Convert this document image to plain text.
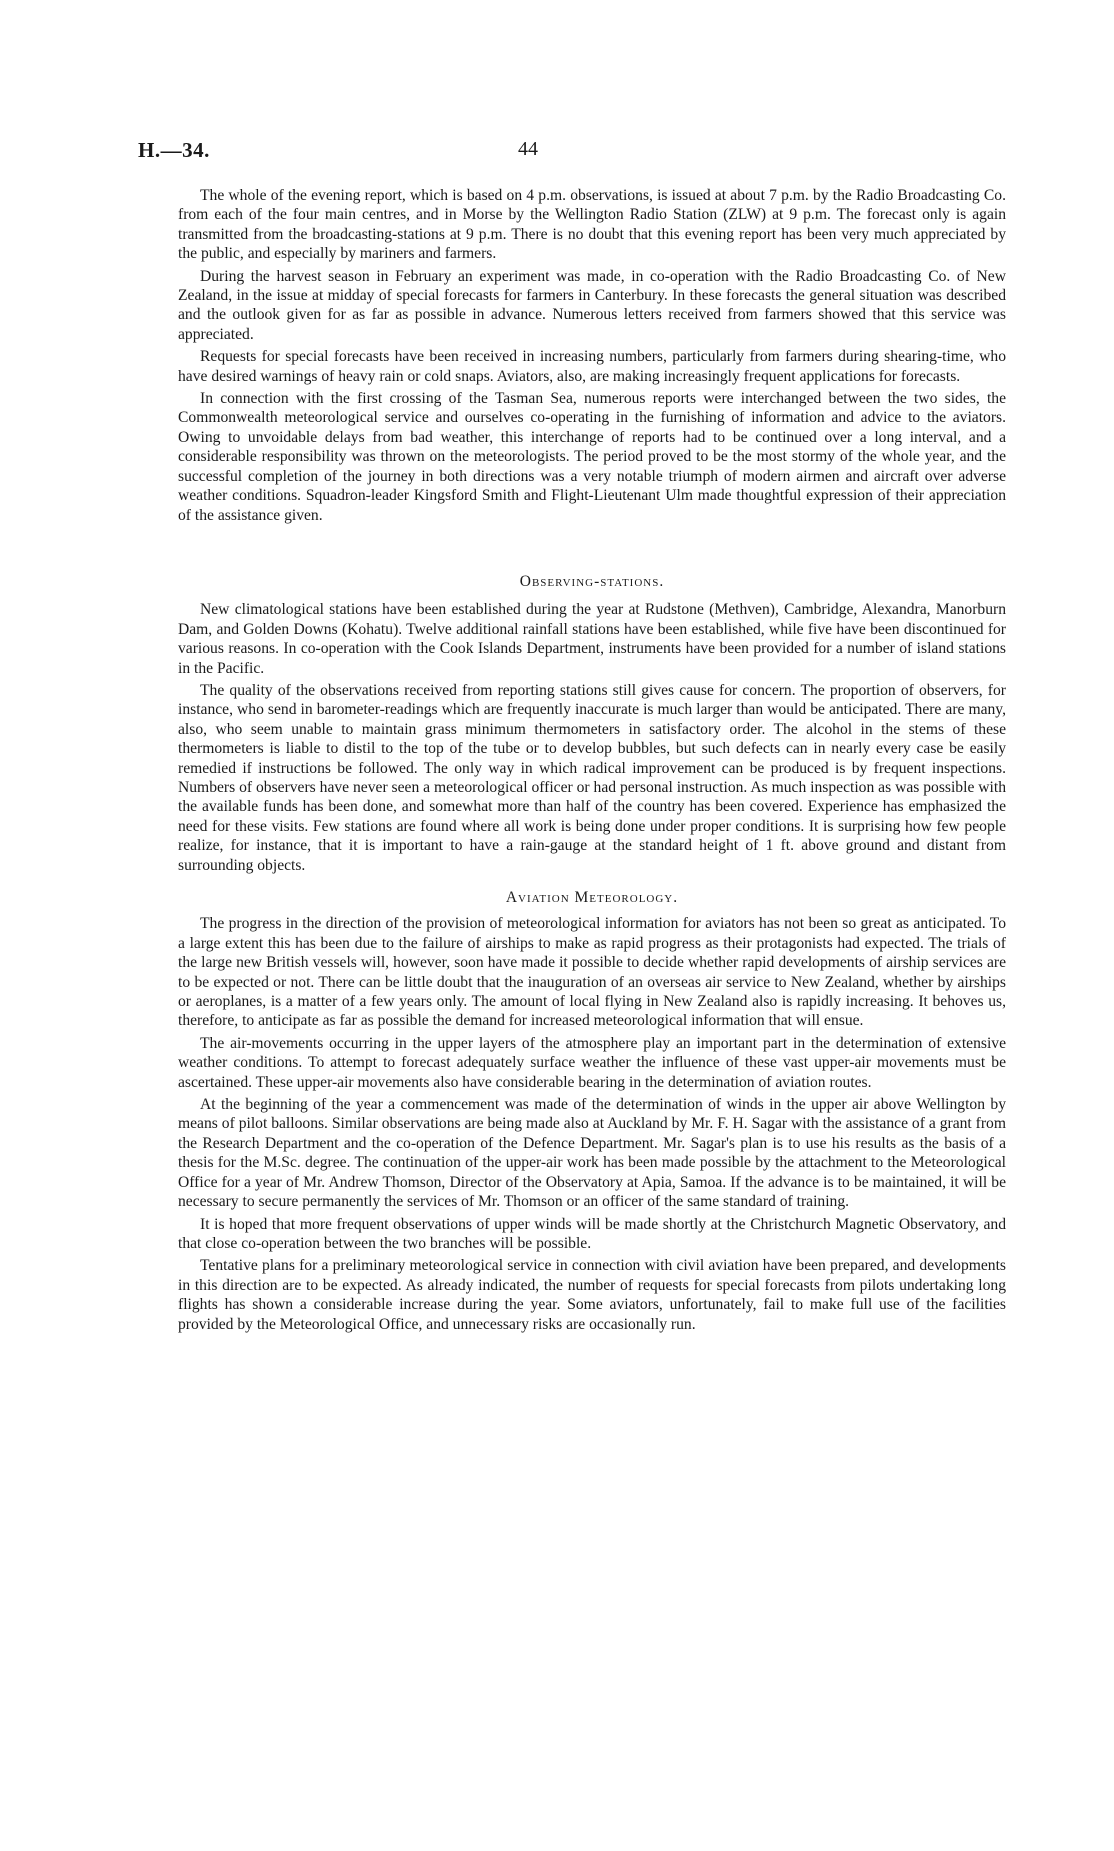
H.—34.	44

The whole of the evening report, which is based on 4 p.m. observations, is issued at about 7 p.m. by the Radio Broadcasting Co. from each of the four main centres, and in Morse by the Wellington Radio Station (ZLW) at 9 p.m. The forecast only is again transmitted from the broadcasting-stations at 9 p.m. There is no doubt that this evening report has been very much appreciated by the public, and especially by mariners and farmers.

During the harvest season in February an experiment was made, in co-operation with the Radio Broadcasting Co. of New Zealand, in the issue at midday of special forecasts for farmers in Canterbury. In these forecasts the general situation was described and the outlook given for as far as possible in advance. Numerous letters received from farmers showed that this service was appreciated.

Requests for special forecasts have been received in increasing numbers, particularly from farmers during shearing-time, who have desired warnings of heavy rain or cold snaps. Aviators, also, are making increasingly frequent applications for forecasts.

In connection with the first crossing of the Tasman Sea, numerous reports were interchanged between the two sides, the Commonwealth meteorological service and ourselves co-operating in the furnishing of information and advice to the aviators. Owing to unvoidable delays from bad weather, this interchange of reports had to be continued over a long interval, and a considerable responsibility was thrown on the meteorologists. The period proved to be the most stormy of the whole year, and the successful completion of the journey in both directions was a very notable triumph of modern airmen and aircraft over adverse weather conditions. Squadron-leader Kingsford Smith and Flight-Lieutenant Ulm made thoughtful expression of their appreciation of the assistance given.

Observing-stations.

New climatological stations have been established during the year at Rudstone (Methven), Cambridge, Alexandra, Manorburn Dam, and Golden Downs (Kohatu). Twelve additional rainfall stations have been established, while five have been discontinued for various reasons. In co-operation with the Cook Islands Department, instruments have been provided for a number of island stations in the Pacific.

The quality of the observations received from reporting stations still gives cause for concern. The proportion of observers, for instance, who send in barometer-readings which are frequently inaccurate is much larger than would be anticipated. There are many, also, who seem unable to maintain grass minimum thermometers in satisfactory order. The alcohol in the stems of these thermometers is liable to distil to the top of the tube or to develop bubbles, but such defects can in nearly every case be easily remedied if instructions be followed. The only way in which radical improvement can be produced is by frequent inspections. Numbers of observers have never seen a meteorological officer or had personal instruction. As much inspection as was possible with the available funds has been done, and somewhat more than half of the country has been covered. Experience has emphasized the need for these visits. Few stations are found where all work is being done under proper conditions. It is surprising how few people realize, for instance, that it is important to have a rain-gauge at the standard height of 1 ft. above ground and distant from surrounding objects.

Aviation Meteorology.

The progress in the direction of the provision of meteorological information for aviators has not been so great as anticipated. To a large extent this has been due to the failure of airships to make as rapid progress as their protagonists had expected. The trials of the large new British vessels will, however, soon have made it possible to decide whether rapid developments of airship services are to be expected or not. There can be little doubt that the inauguration of an overseas air service to New Zealand, whether by airships or aeroplanes, is a matter of a few years only. The amount of local flying in New Zealand also is rapidly increasing. It behoves us, therefore, to anticipate as far as possible the demand for increased meteorological information that will ensue.

The air-movements occurring in the upper layers of the atmosphere play an important part in the determination of extensive weather conditions. To attempt to forecast adequately surface weather the influence of these vast upper-air movements must be ascertained. These upper-air movements also have considerable bearing in the determination of aviation routes.

At the beginning of the year a commencement was made of the determination of winds in the upper air above Wellington by means of pilot balloons. Similar observations are being made also at Auckland by Mr. F. H. Sagar with the assistance of a grant from the Research Department and the co-operation of the Defence Department. Mr. Sagar's plan is to use his results as the basis of a thesis for the M.Sc. degree. The continuation of the upper-air work has been made possible by the attachment to the Meteorological Office for a year of Mr. Andrew Thomson, Director of the Observatory at Apia, Samoa. If the advance is to be maintained, it will be necessary to secure permanently the services of Mr. Thomson or an officer of the same standard of training.

It is hoped that more frequent observations of upper winds will be made shortly at the Christchurch Magnetic Observatory, and that close co-operation between the two branches will be possible.

Tentative plans for a preliminary meteorological service in connection with civil aviation have been prepared, and developments in this direction are to be expected. As already indicated, the number of requests for special forecasts from pilots undertaking long flights has shown a considerable increase during the year. Some aviators, unfortunately, fail to make full use of the facilities provided by the Meteorological Office, and unnecessary risks are occasionally run.
